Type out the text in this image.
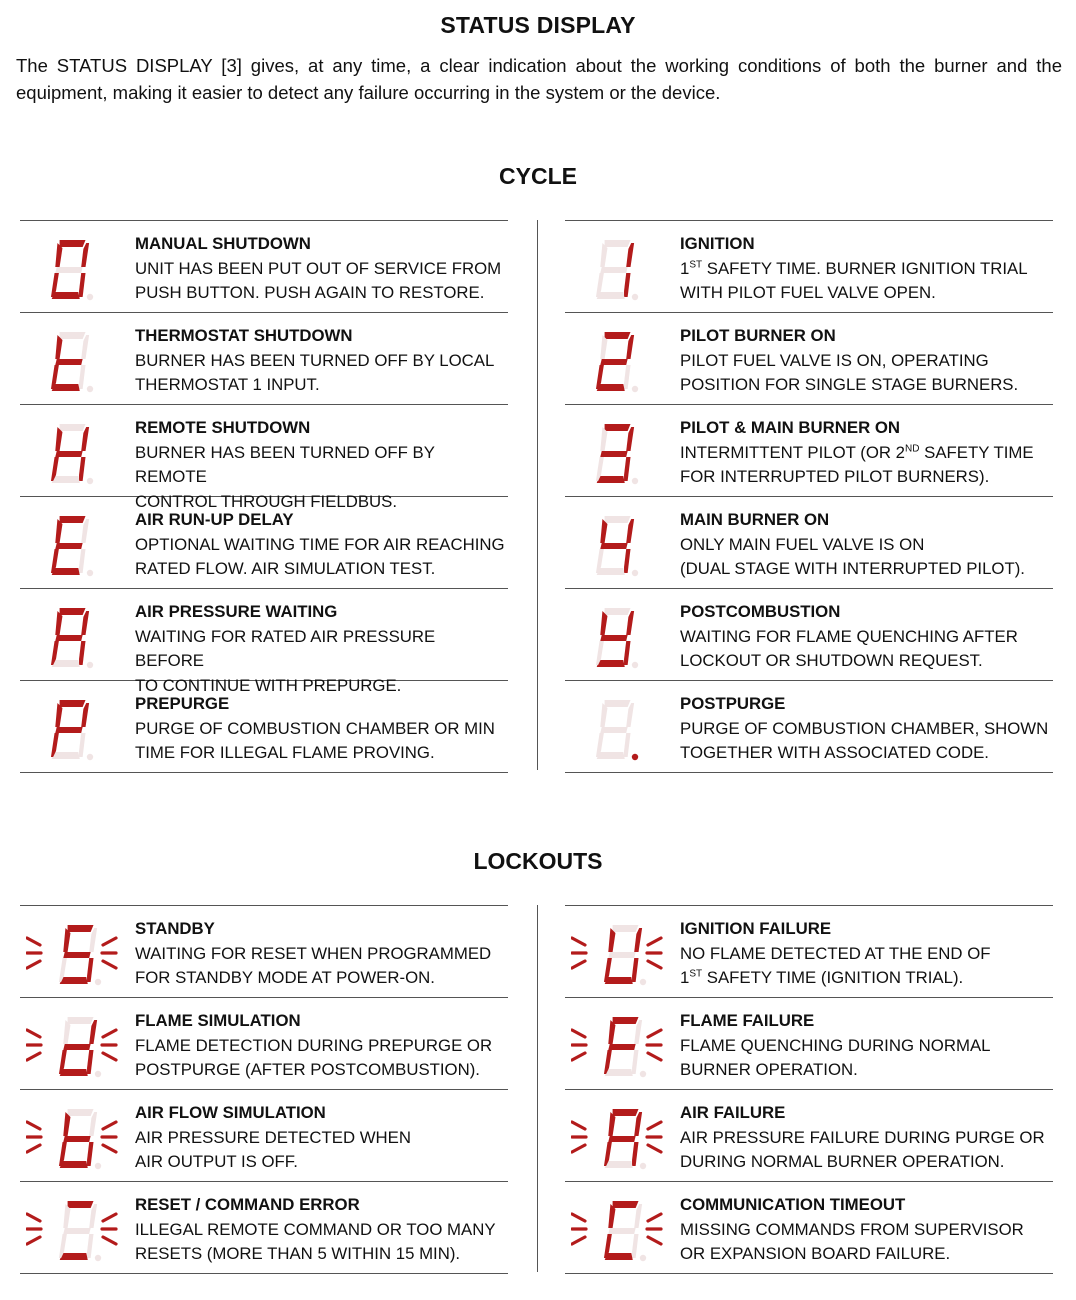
STATUS DISPLAY
The STATUS DISPLAY [3] gives, at any time, a clear indication about the working conditions of both the burner and the equipment, making it easier to detect any failure occurring in the system or the device.
CYCLE
MANUAL SHUTDOWN
UNIT HAS BEEN PUT OUT OF SERVICE FROM
PUSH BUTTON. PUSH AGAIN TO RESTORE.
THERMOSTAT SHUTDOWN
BURNER HAS BEEN TURNED OFF BY LOCAL
THERMOSTAT 1 INPUT.
REMOTE SHUTDOWN
BURNER HAS BEEN TURNED OFF BY REMOTE
CONTROL THROUGH FIELDBUS.
AIR RUN-UP DELAY
OPTIONAL WAITING TIME FOR AIR REACHING
RATED FLOW. AIR SIMULATION TEST.
AIR PRESSURE WAITING
WAITING FOR RATED AIR PRESSURE BEFORE
TO CONTINUE WITH PREPURGE.
PREPURGE
PURGE OF COMBUSTION CHAMBER OR MIN
TIME FOR ILLEGAL FLAME PROVING.
IGNITION
1ST SAFETY TIME. BURNER IGNITION TRIAL
WITH PILOT FUEL VALVE OPEN.
PILOT BURNER ON
PILOT FUEL VALVE IS ON, OPERATING
POSITION FOR SINGLE STAGE BURNERS.
PILOT & MAIN BURNER ON
INTERMITTENT PILOT (OR 2ND SAFETY TIME
FOR INTERRUPTED PILOT BURNERS).
MAIN BURNER ON
ONLY MAIN FUEL VALVE IS ON
(DUAL STAGE WITH INTERRUPTED PILOT).
POSTCOMBUSTION
WAITING FOR FLAME QUENCHING AFTER
LOCKOUT OR SHUTDOWN REQUEST.
POSTPURGE
PURGE OF COMBUSTION CHAMBER, SHOWN
TOGETHER WITH ASSOCIATED CODE.
LOCKOUTS
STANDBY
WAITING FOR RESET WHEN PROGRAMMED
FOR STANDBY MODE AT POWER-ON.
FLAME SIMULATION
FLAME DETECTION DURING PREPURGE OR
POSTPURGE (AFTER POSTCOMBUSTION).
AIR FLOW SIMULATION
AIR PRESSURE DETECTED WHEN
AIR OUTPUT IS OFF.
RESET / COMMAND ERROR
ILLEGAL REMOTE COMMAND OR TOO MANY
RESETS (MORE THAN 5 WITHIN 15 MIN).
IGNITION FAILURE
NO FLAME DETECTED AT THE END OF
1ST SAFETY TIME (IGNITION TRIAL).
FLAME FAILURE
FLAME QUENCHING DURING NORMAL
BURNER OPERATION.
AIR FAILURE
AIR PRESSURE FAILURE DURING PURGE OR
DURING NORMAL BURNER OPERATION.
COMMUNICATION TIMEOUT
MISSING COMMANDS FROM SUPERVISOR
OR EXPANSION BOARD FAILURE.
